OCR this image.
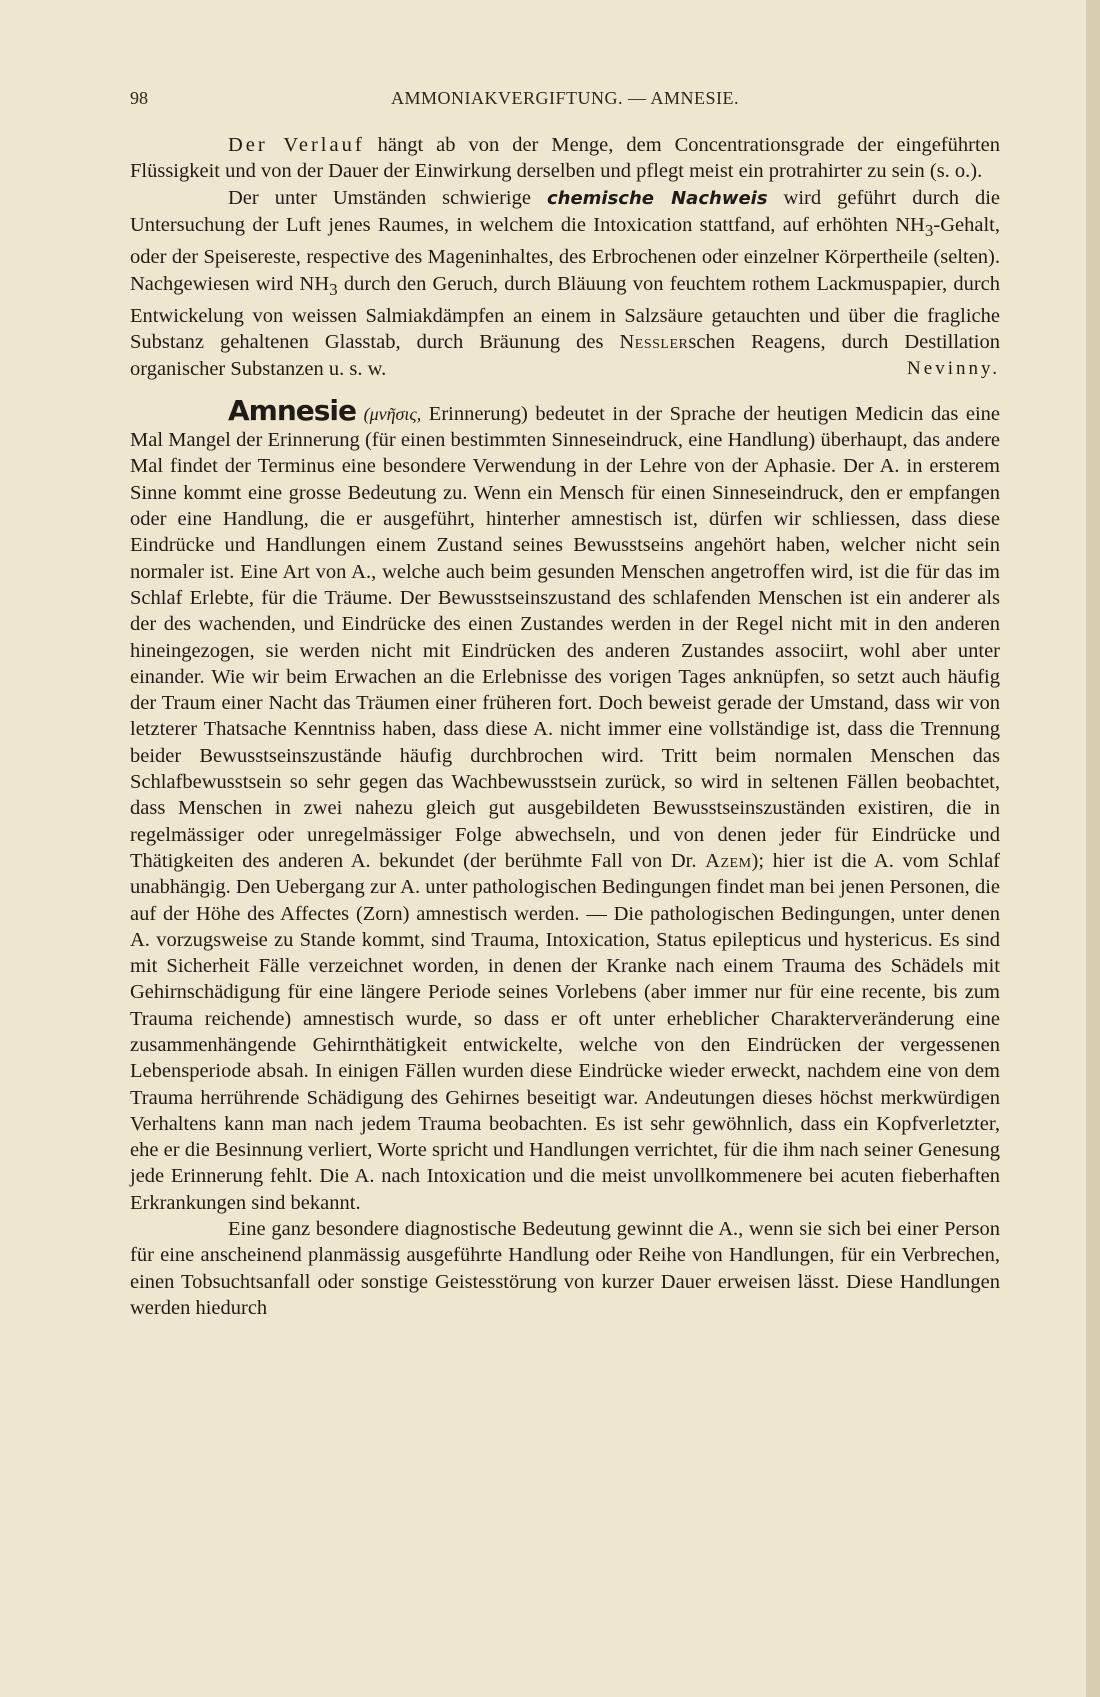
98	AMMONIAKVERGIFTUNG. — AMNESIE.

Der Verlauf hängt ab von der Menge, dem Concentrationsgrade der eingeführten Flüssigkeit und von der Dauer der Einwirkung derselben und pflegt meist ein protrahirter zu sein (s. o.).

Der unter Umständen schwierige chemische Nachweis wird geführt durch die Untersuchung der Luft jenes Raumes, in welchem die Intoxication stattfand, auf erhöhten $NH_3$-Gehalt, oder der Speisereste, respective des Mageninhaltes, des Erbrochenen oder einzelner Körpertheile (selten). Nachgewiesen wird $NH_3$ durch den Geruch, durch Bläuung von feuchtem rothem Lackmuspapier, durch Entwickelung von weissen Salmiakdämpfen an einem in Salzsäure getauchten und über die fragliche Substanz gehaltenen Glasstab, durch Bräunung des Nesslerschen Reagens, durch Destillation organischer Substanzen u. s. w.	Nevinny.

Amnesie (μνῆσις, Erinnerung) bedeutet in der Sprache der heutigen Medicin das eine Mal Mangel der Erinnerung (für einen bestimmten Sinneseindruck, eine Handlung) überhaupt, das andere Mal findet der Terminus eine besondere Verwendung in der Lehre von der Aphasie. Der A. in ersterem Sinne kommt eine grosse Bedeutung zu. Wenn ein Mensch für einen Sinneseindruck, den er empfangen oder eine Handlung, die er ausgeführt, hinterher amnestisch ist, dürfen wir schliessen, dass diese Eindrücke und Handlungen einem Zustand seines Bewusstseins angehört haben, welcher nicht sein normaler ist. Eine Art von A., welche auch beim gesunden Menschen angetroffen wird, ist die für das im Schlaf Erlebte, für die Träume. Der Bewusstseinszustand des schlafenden Menschen ist ein anderer als der des wachenden, und Eindrücke des einen Zustandes werden in der Regel nicht mit in den anderen hineingezogen, sie werden nicht mit Eindrücken des anderen Zustandes associirt, wohl aber unter einander. Wie wir beim Erwachen an die Erlebnisse des vorigen Tages anknüpfen, so setzt auch häufig der Traum einer Nacht das Träumen einer früheren fort. Doch beweist gerade der Umstand, dass wir von letzterer Thatsache Kenntniss haben, dass diese A. nicht immer eine vollständige ist, dass die Trennung beider Bewusstseinszustände häufig durchbrochen wird. Tritt beim normalen Menschen das Schlafbewusstsein so sehr gegen das Wachbewusstsein zurück, so wird in seltenen Fällen beobachtet, dass Menschen in zwei nahezu gleich gut ausgebildeten Bewusstseinszuständen existiren, die in regelmässiger oder unregelmässiger Folge abwechseln, und von denen jeder für Eindrücke und Thätigkeiten des anderen A. bekundet (der berühmte Fall von Dr. Azem); hier ist die A. vom Schlaf unabhängig. Den Uebergang zur A. unter pathologischen Bedingungen findet man bei jenen Personen, die auf der Höhe des Affectes (Zorn) amnestisch werden. — Die pathologischen Bedingungen, unter denen A. vorzugsweise zu Stande kommt, sind Trauma, Intoxication, Status epilepticus und hystericus. Es sind mit Sicherheit Fälle verzeichnet worden, in denen der Kranke nach einem Trauma des Schädels mit Gehirnschädigung für eine längere Periode seines Vorlebens (aber immer nur für eine recente, bis zum Trauma reichende) amnestisch wurde, so dass er oft unter erheblicher Charakterveränderung eine zusammenhängende Gehirnthätigkeit entwickelte, welche von den Eindrücken der vergessenen Lebensperiode absah. In einigen Fällen wurden diese Eindrücke wieder erweckt, nachdem eine von dem Trauma herrührende Schädigung des Gehirnes beseitigt war. Andeutungen dieses höchst merkwürdigen Verhaltens kann man nach jedem Trauma beobachten. Es ist sehr gewöhnlich, dass ein Kopfverletzter, ehe er die Besinnung verliert, Worte spricht und Handlungen verrichtet, für die ihm nach seiner Genesung jede Erinnerung fehlt. Die A. nach Intoxication und die meist unvollkommenere bei acuten fieberhaften Erkrankungen sind bekannt.

Eine ganz besondere diagnostische Bedeutung gewinnt die A., wenn sie sich bei einer Person für eine anscheinend planmässig ausgeführte Handlung oder Reihe von Handlungen, für ein Verbrechen, einen Tobsuchtsanfall oder sonstige Geistesstörung von kurzer Dauer erweisen lässt. Diese Handlungen werden hiedurch
